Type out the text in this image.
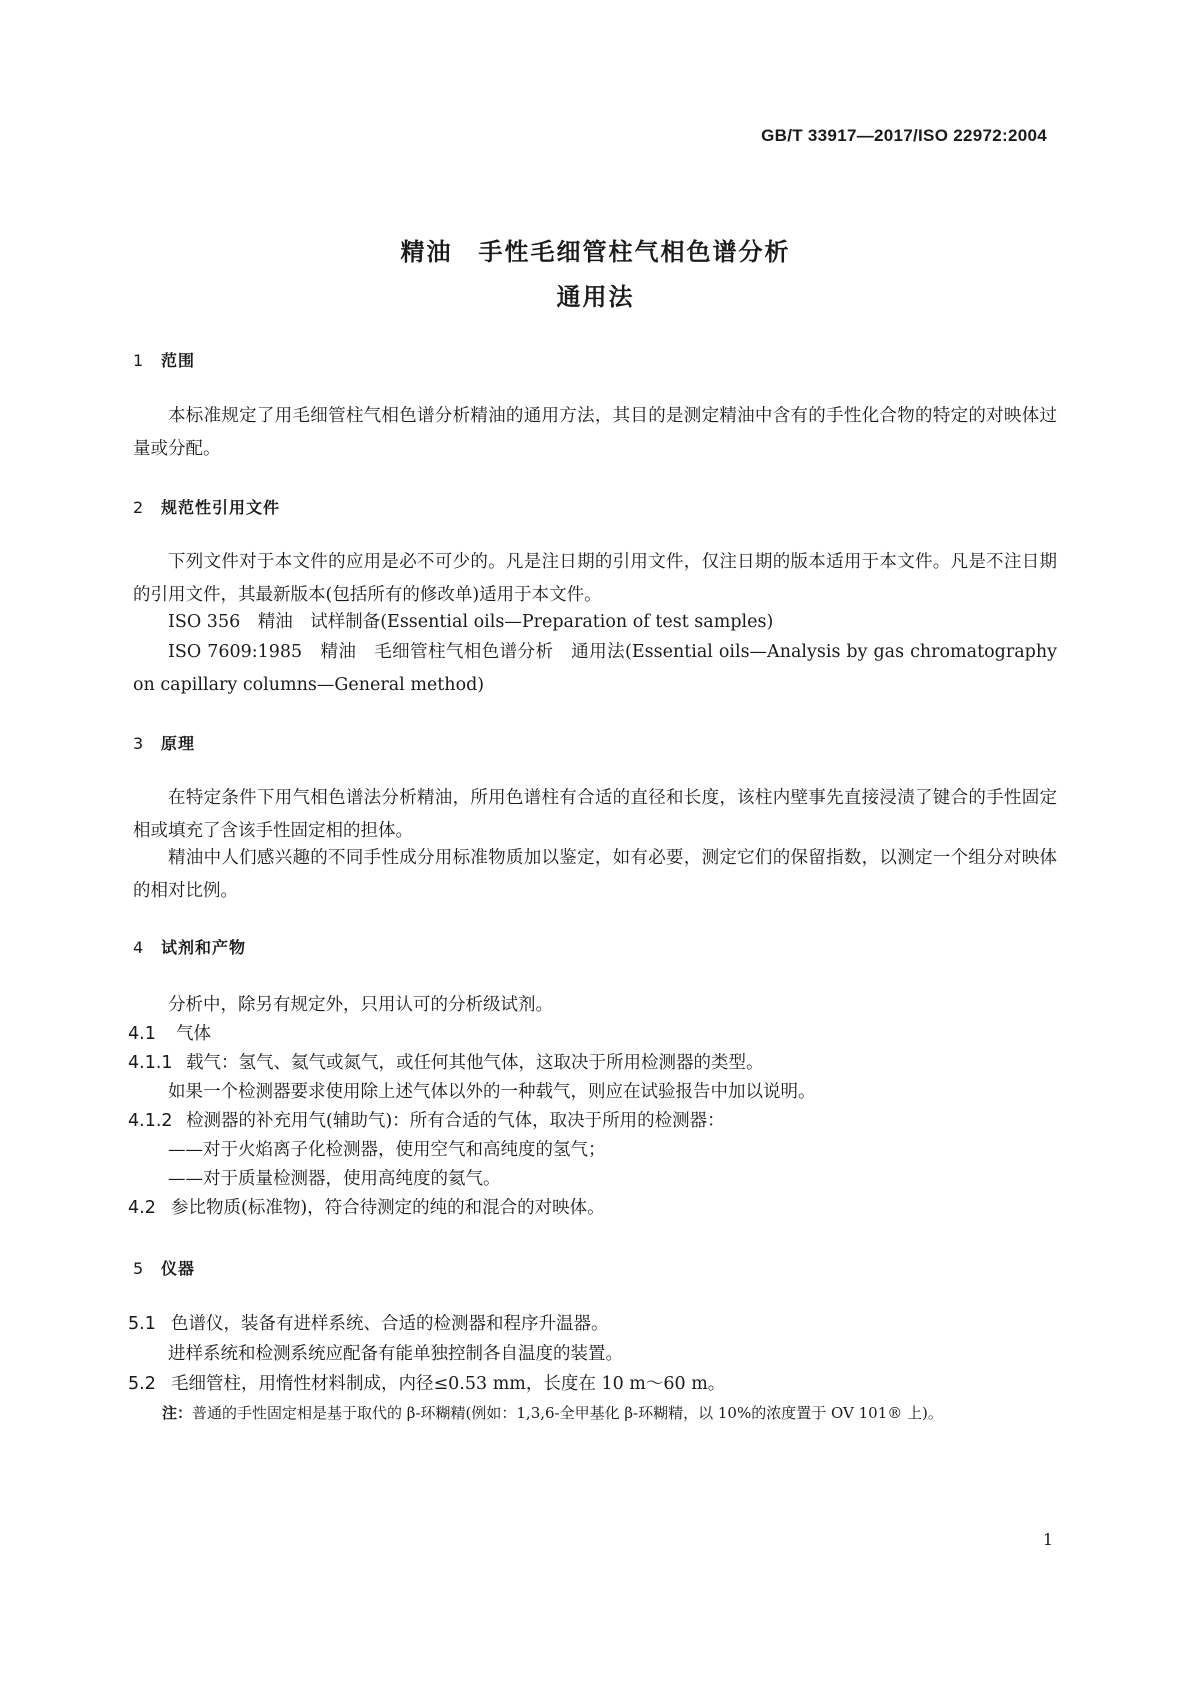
GB/T 33917—2017/ISO 22972:2004
精油　手性毛细管柱气相色谱分析
通用法
1 范围
本标准规定了用毛细管柱气相色谱分析精油的通用方法，其目的是测定精油中含有的手性化合物的特定的对映体过量或分配。
2 规范性引用文件
下列文件对于本文件的应用是必不可少的。凡是注日期的引用文件，仅注日期的版本适用于本文件。凡是不注日期的引用文件，其最新版本(包括所有的修改单)适用于本文件。
ISO 356　精油　试样制备(Essential oils—Preparation of test samples)
ISO 7609:1985　精油　毛细管柱气相色谱分析　通用法(Essential oils—Analysis by gas chromatography on capillary columns—General method)
3 原理
在特定条件下用气相色谱法分析精油，所用色谱柱有合适的直径和长度，该柱内壁事先直接浸渍了键合的手性固定相或填充了含该手性固定相的担体。
精油中人们感兴趣的不同手性成分用标准物质加以鉴定，如有必要，测定它们的保留指数，以测定一个组分对映体的相对比例。
4 试剂和产物
分析中，除另有规定外，只用认可的分析级试剂。
4.1 气体
4.1.1 载气：氢气、氦气或氮气，或任何其他气体，这取决于所用检测器的类型。
如果一个检测器要求使用除上述气体以外的一种载气，则应在试验报告中加以说明。
4.1.2 检测器的补充用气(辅助气)：所有合适的气体，取决于所用的检测器：
——对于火焰离子化检测器，使用空气和高纯度的氢气；
——对于质量检测器，使用高纯度的氦气。
4.2 参比物质(标准物)，符合待测定的纯的和混合的对映体。
5 仪器
5.1 色谱仪，装备有进样系统、合适的检测器和程序升温器。
进样系统和检测系统应配备有能单独控制各自温度的装置。
5.2 毛细管柱，用惰性材料制成，内径≤0.53 mm，长度在 10 m～60 m。
注：普通的手性固定相是基于取代的 β-环糊精(例如：1,3,6-全甲基化 β-环糊精，以 10%的浓度置于 OV 101® 上)。
1
